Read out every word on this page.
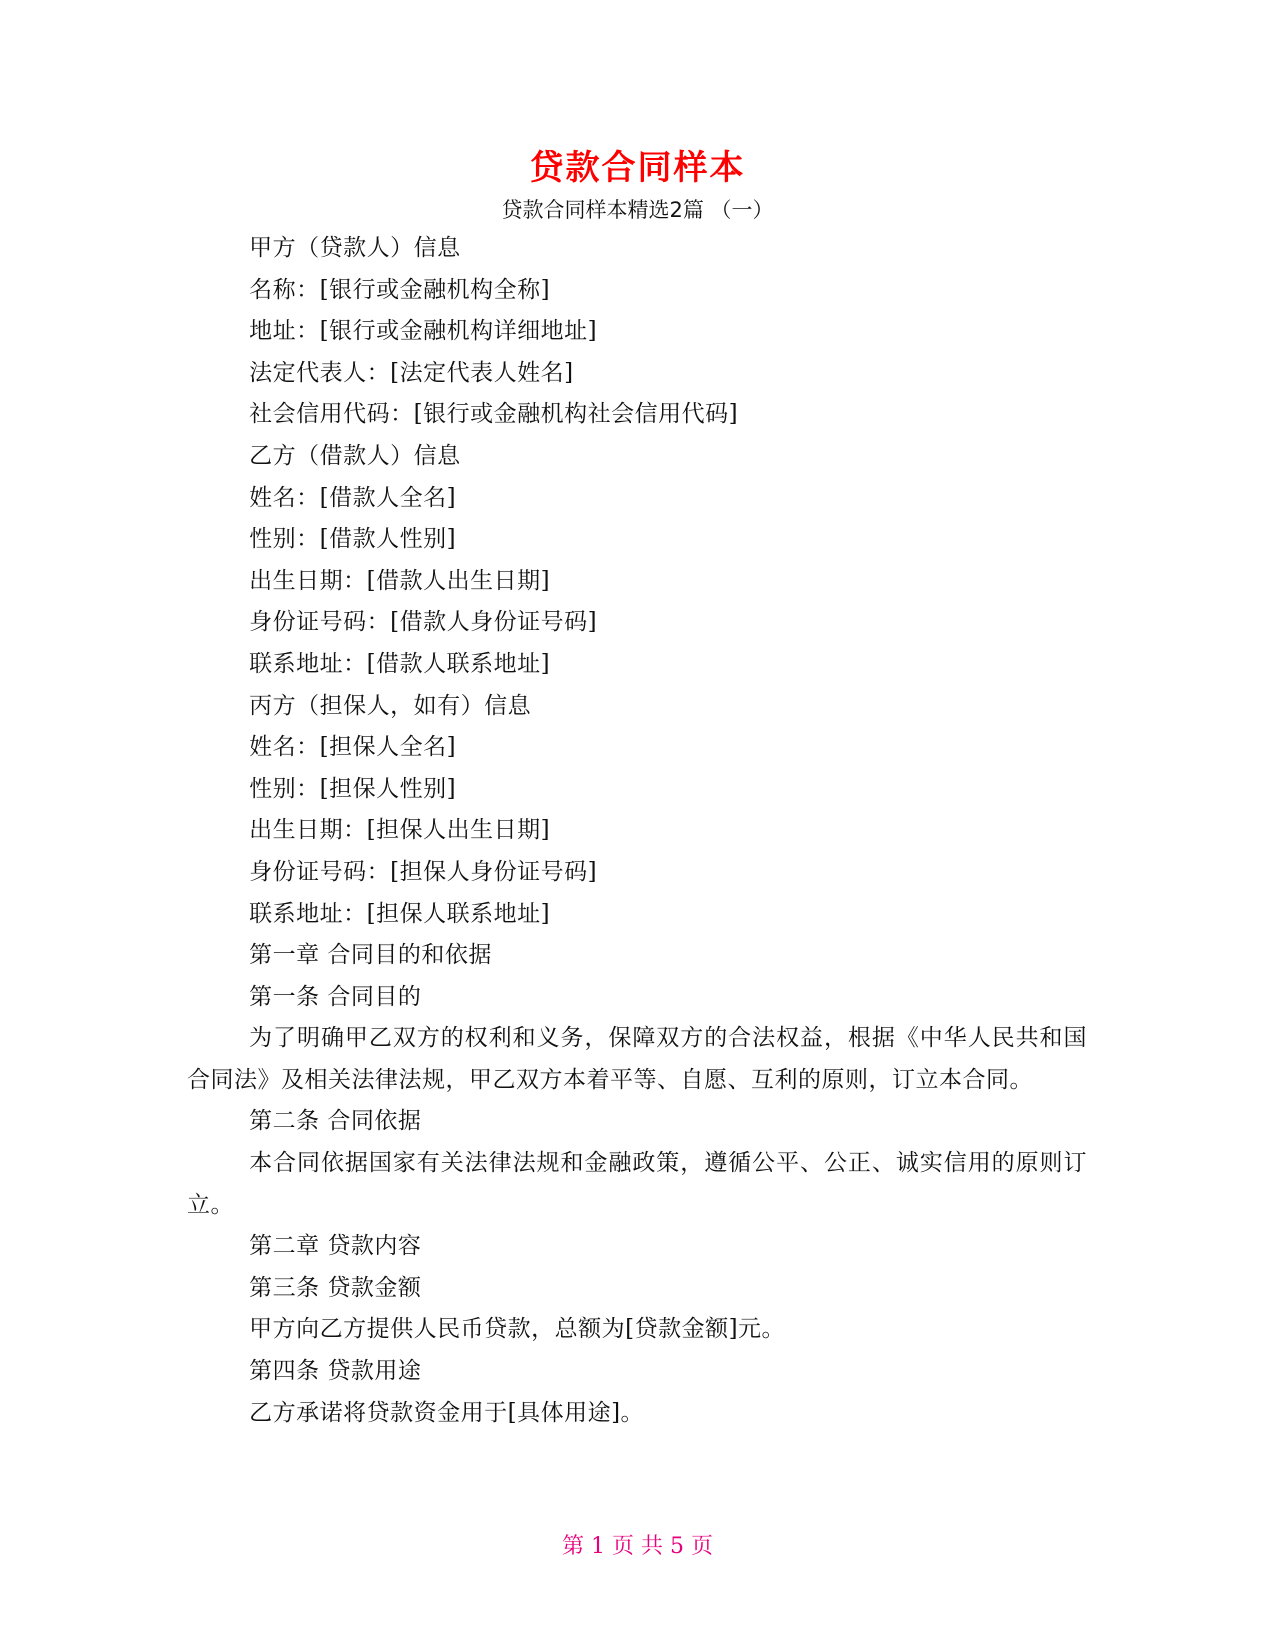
贷款合同样本
贷款合同样本精选2篇 （一）

甲方（贷款人）信息

名称：[银行或金融机构全称]

地址：[银行或金融机构详细地址]

法定代表人：[法定代表人姓名]

社会信用代码：[银行或金融机构社会信用代码]

乙方（借款人）信息

姓名：[借款人全名]

性别：[借款人性别]

出生日期：[借款人出生日期]

身份证号码：[借款人身份证号码]

联系地址：[借款人联系地址]

丙方（担保人，如有）信息

姓名：[担保人全名]

性别：[担保人性别]

出生日期：[担保人出生日期]

身份证号码：[担保人身份证号码]

联系地址：[担保人联系地址]

第一章 合同目的和依据

第一条 合同目的

为了明确甲乙双方的权利和义务，保障双方的合法权益，根据《中华人民共和国合同法》及相关法律法规，甲乙双方本着平等、自愿、互利的原则，订立本合同。

第二条 合同依据

本合同依据国家有关法律法规和金融政策，遵循公平、公正、诚实信用的原则订立。

第二章 贷款内容

第三条 贷款金额

甲方向乙方提供人民币贷款，总额为[贷款金额]元。

第四条 贷款用途

乙方承诺将贷款资金用于[具体用途]。

第 1 页 共 5 页
